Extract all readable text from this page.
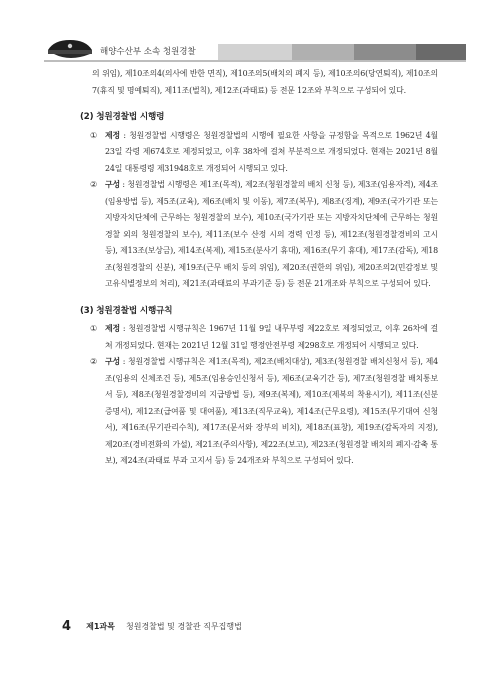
해양수산부 소속 청원경찰

의 위임), 제10조의4(의사에 반한 면직), 제10조의5(배치의 폐지 등), 제10조의6(당연퇴직), 제10조의7(휴직 및 명예퇴직), 제11조(벌칙), 제12조(과태료) 등 전문 12조와 부칙으로 구성되어 있다.

(2) 청원경찰법 시행령

① 제정 : 청원경찰법 시행령은 청원경찰법의 시행에 필요한 사항을 규정함을 목적으로 1962년 4월 23일 각령 제674호로 제정되었고, 이후 38차에 걸쳐 부분적으로 개정되었다. 현재는 2021년 8월 24일 대통령령 제31948호로 개정되어 시행되고 있다.

② 구성 : 청원경찰법 시행령은 제1조(목적), 제2조(청원경찰의 배치 신청 등), 제3조(임용자격), 제4조(임용방법 등), 제5조(교육), 제6조(배치 및 이동), 제7조(복무), 제8조(징계), 제9조(국가기관 또는 지방자치단체에 근무하는 청원경찰의 보수), 제10조(국가기관 또는 지방자치단체에 근무하는 청원경찰 외의 청원경찰의 보수), 제11조(보수 산정 시의 경력 인정 등), 제12조(청원경찰경비의 고시 등), 제13조(보상금), 제14조(복제), 제15조(분사기 휴대), 제16조(무기 휴대), 제17조(감독), 제18조(청원경찰의 신분), 제19조(근무 배치 등의 위임), 제20조(권한의 위임), 제20조의2(민감정보 및 고유식별정보의 처리), 제21조(과태료의 부과기준 등) 등 전문 21개조와 부칙으로 구성되어 있다.

(3) 청원경찰법 시행규칙

① 제정 : 청원경찰법 시행규칙은 1967년 11월 9일 내무부령 제22호로 제정되었고, 이후 26차에 걸쳐 개정되었다. 현재는 2021년 12월 31일 행정안전부령 제298호로 개정되어 시행되고 있다.

② 구성 : 청원경찰법 시행규칙은 제1조(목적), 제2조(배치대상), 제3조(청원경찰 배치신청서 등), 제4조(임용의 신체조건 등), 제5조(임용승인신청서 등), 제6조(교육기간 등), 제7조(청원경찰 배치통보서 등), 제8조(청원경찰경비의 지급방법 등), 제9조(복제), 제10조(제복의 착용시기), 제11조(신분증명서), 제12조(급여품 및 대여품), 제13조(직무교육), 제14조(근무요령), 제15조(무기대여 신청서), 제16조(무기관리수칙), 제17조(문서와 장부의 비치), 제18조(표창), 제19조(감독자의 지정), 제20조(경비전화의 가설), 제21조(주의사항), 제22조(보고), 제23조(청원경찰 배치의 폐지·감축 통보), 제24조(과태료 부과 고지서 등) 등 24개조와 부칙으로 구성되어 있다.

4 제1과목 청원경찰법 및 경찰관 직무집행법
